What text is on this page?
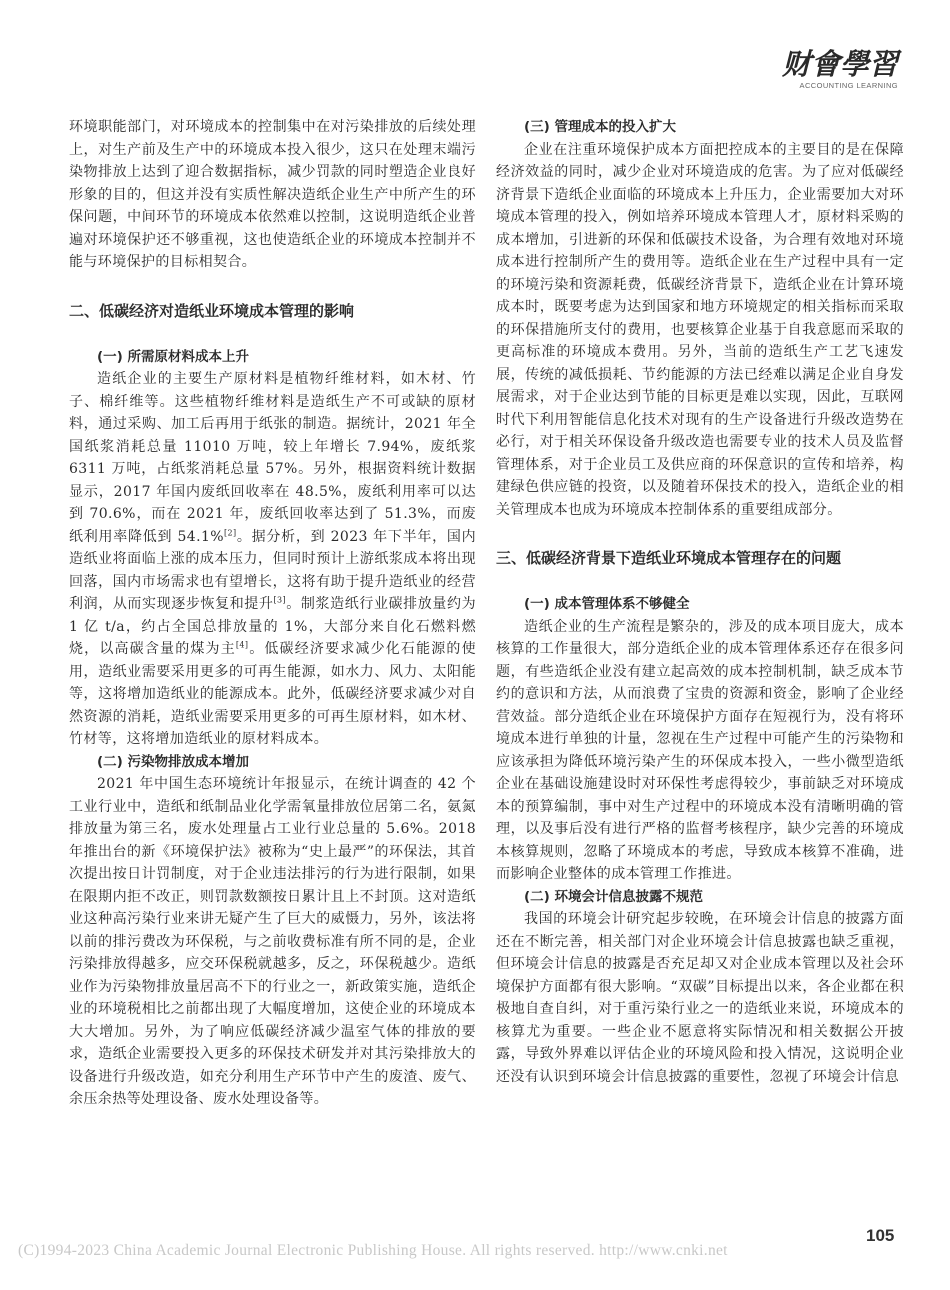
财會學習
ACCOUNTING LEARNING

环境职能部门，对环境成本的控制集中在对污染排放的后续处理上，对生产前及生产中的环境成本投入很少，这只在处理末端污染物排放上达到了迎合数据指标，减少罚款的同时塑造企业良好形象的目的，但这并没有实质性解决造纸企业生产中所产生的环保问题，中间环节的环境成本依然难以控制，这说明造纸企业普遍对环境保护还不够重视，这也使造纸企业的环境成本控制并不能与环境保护的目标相契合。

二、低碳经济对造纸业环境成本管理的影响
(一) 所需原材料成本上升

造纸企业的主要生产原材料是植物纤维材料，如木材、竹子、棉纤维等。这些植物纤维材料是造纸生产不可或缺的原材料，通过采购、加工后再用于纸张的制造。据统计，2021 年全国纸浆消耗总量 11010 万吨，较上年增长 7.94%，废纸浆 6311 万吨，占纸浆消耗总量 57%。另外，根据资料统计数据显示，2017 年国内废纸回收率在 48.5%，废纸利用率可以达到 70.6%，而在 2021 年，废纸回收率达到了 51.3%，而废纸利用率降低到 54.1%[2]。据分析，到 2023 年下半年，国内造纸业将面临上涨的成本压力，但同时预计上游纸浆成本将出现回落，国内市场需求也有望增长，这将有助于提升造纸业的经营利润，从而实现逐步恢复和提升[3]。制浆造纸行业碳排放量约为 1 亿 t/a，约占全国总排放量的 1%，大部分来自化石燃料燃烧，以高碳含量的煤为主[4]。低碳经济要求减少化石能源的使用，造纸业需要采用更多的可再生能源，如水力、风力、太阳能等，这将增加造纸业的能源成本。此外，低碳经济要求减少对自然资源的消耗，造纸业需要采用更多的可再生原材料，如木材、竹材等，这将增加造纸业的原材料成本。

(二) 污染物排放成本增加

2021 年中国生态环境统计年报显示，在统计调查的 42 个工业行业中，造纸和纸制品业化学需氧量排放位居第二名，氨氮排放量为第三名，废水处理量占工业行业总量的 5.6%。2018 年推出台的新《环境保护法》被称为“史上最严”的环保法，其首次提出按日计罚制度，对于企业违法排污的行为进行限制，如果在限期内拒不改正，则罚款数额按日累计且上不封顶。这对造纸业这种高污染行业来讲无疑产生了巨大的威慑力，另外，该法将以前的排污费改为环保税，与之前收费标准有所不同的是，企业污染排放得越多，应交环保税就越多，反之，环保税越少。造纸业作为污染物排放量居高不下的行业之一，新政策实施，造纸企业的环境税相比之前都出现了大幅度增加，这使企业的环境成本大大增加。另外，为了响应低碳经济减少温室气体的排放的要求，造纸企业需要投入更多的环保技术研发并对其污染排放大的设备进行升级改造，如充分利用生产环节中产生的废渣、废气、余压余热等处理设备、废水处理设备等。

(三) 管理成本的投入扩大

企业在注重环境保护成本方面把控成本的主要目的是在保障经济效益的同时，减少企业对环境造成的危害。为了应对低碳经济背景下造纸企业面临的环境成本上升压力，企业需要加大对环境成本管理的投入，例如培养环境成本管理人才，原材料采购的成本增加，引进新的环保和低碳技术设备，为合理有效地对环境成本进行控制所产生的费用等。造纸企业在生产过程中具有一定的环境污染和资源耗费，低碳经济背景下，造纸企业在计算环境成本时，既要考虑为达到国家和地方环境规定的相关指标而采取的环保措施所支付的费用，也要核算企业基于自我意愿而采取的更高标准的环境成本费用。另外，当前的造纸生产工艺飞速发展，传统的减低损耗、节约能源的方法已经难以满足企业自身发展需求，对于企业达到节能的目标更是难以实现，因此，互联网时代下利用智能信息化技术对现有的生产设备进行升级改造势在必行，对于相关环保设备升级改造也需要专业的技术人员及监督管理体系，对于企业员工及供应商的环保意识的宣传和培养，构建绿色供应链的投资，以及随着环保技术的投入，造纸企业的相关管理成本也成为环境成本控制体系的重要组成部分。

三、低碳经济背景下造纸业环境成本管理存在的问题
(一) 成本管理体系不够健全

造纸企业的生产流程是繁杂的，涉及的成本项目庞大，成本核算的工作量很大，部分造纸企业的成本管理体系还存在很多问题，有些造纸企业没有建立起高效的成本控制机制，缺乏成本节约的意识和方法，从而浪费了宝贵的资源和资金，影响了企业经营效益。部分造纸企业在环境保护方面存在短视行为，没有将环境成本进行单独的计量，忽视在生产过程中可能产生的污染物和应该承担为降低环境污染产生的环保成本投入，一些小微型造纸企业在基础设施建设时对环保性考虑得较少，事前缺乏对环境成本的预算编制，事中对生产过程中的环境成本没有清晰明确的管理，以及事后没有进行严格的监督考核程序，缺少完善的环境成本核算规则，忽略了环境成本的考虑，导致成本核算不准确，进而影响企业整体的成本管理工作推进。

(二) 环境会计信息披露不规范

我国的环境会计研究起步较晚，在环境会计信息的披露方面还在不断完善，相关部门对企业环境会计信息披露也缺乏重视，但环境会计信息的披露是否充足却又对企业成本管理以及社会环境保护方面都有很大影响。“双碳”目标提出以来，各企业都在积极地自查自纠，对于重污染行业之一的造纸业来说，环境成本的核算尤为重要。一些企业不愿意将实际情况和相关数据公开披露，导致外界难以评估企业的环境风险和投入情况，这说明企业还没有认识到环境会计信息披露的重要性，忽视了环境会计信息

105
(C)1994-2023 China Academic Journal Electronic Publishing House. All rights reserved. http://www.cnki.net
